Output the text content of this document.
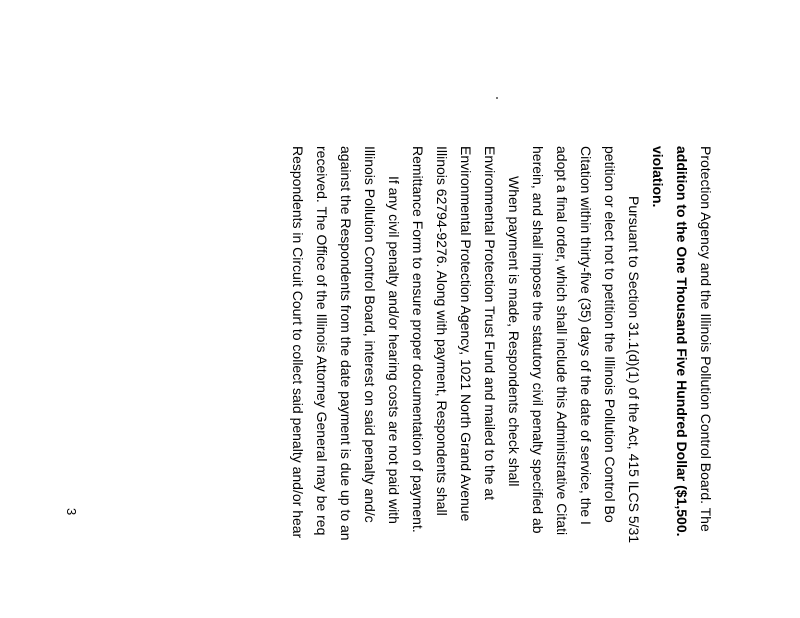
Protection Agency and the Illinois Pollution Control Board. The

addition to the One Thousand Five Hundred Dollar ($1,500.

violation.

Pursuant to Section 31.1(d)(1) of the Act, 415 ILCS 5/31

petition or elect not to petition the Illinois Pollution Control Bo

Citation within thirty-five (35) days of the date of service, the I

adopt a final order, which shall include this Administrative Citati

herein, and shall impose the statutory civil penalty specified ab

When payment is made, Respondents check shall

Environmental Protection Trust Fund and mailed to the at

Environmental Protection Agency, 1021 North Grand Avenue

Illinois 62794-9276. Along with payment, Respondents shall

Remittance Form to ensure proper documentation of payment.

If any civil penalty and/or hearing costs are not paid with

Illinois Pollution Control Board, interest on said penalty and/c

against the Respondents from the date payment is due up to an

received. The Office of the Illinois Attorney General may be req

Respondents in Circuit Court to collect said penalty and/or hear

3
